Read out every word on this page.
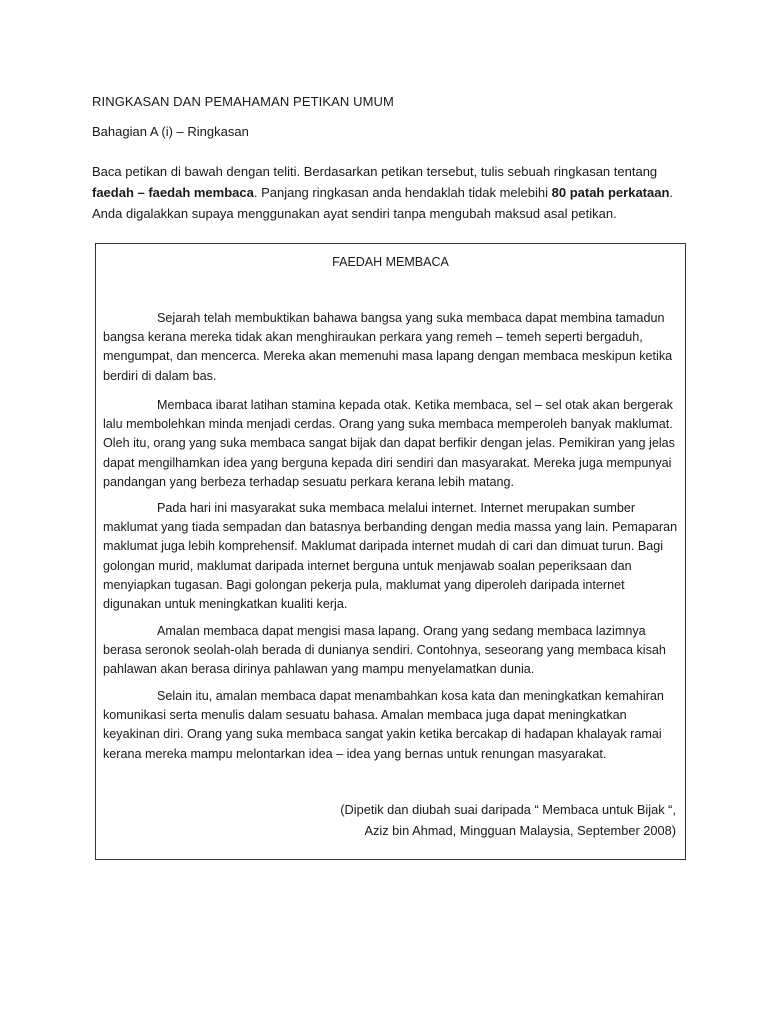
RINGKASAN DAN PEMAHAMAN PETIKAN UMUM

Bahagian A (i) – Ringkasan

Baca petikan di bawah dengan teliti. Berdasarkan petikan tersebut, tulis sebuah ringkasan tentang
faedah – faedah membaca. Panjang ringkasan anda hendaklah tidak melebihi 80 patah perkataan.
Anda digalakkan supaya menggunakan ayat sendiri tanpa mengubah maksud asal petikan.

FAEDAH MEMBACA

Sejarah telah membuktikan bahawa bangsa yang suka membaca dapat membina tamadun bangsa kerana mereka tidak akan menghiraukan perkara yang remeh – temeh seperti bergaduh, mengumpat, dan mencerca. Mereka akan memenuhi masa lapang dengan membaca meskipun ketika berdiri di dalam bas.

Membaca ibarat latihan stamina kepada otak. Ketika membaca, sel – sel otak akan bergerak lalu membolehkan minda menjadi cerdas. Orang yang suka membaca memperoleh banyak maklumat. Oleh itu, orang yang suka membaca sangat bijak dan dapat berfikir dengan jelas. Pemikiran yang jelas dapat mengilhamkan idea yang berguna kepada diri sendiri dan masyarakat. Mereka juga mempunyai pandangan yang berbeza terhadap sesuatu perkara kerana lebih matang.

Pada hari ini masyarakat suka membaca melalui internet. Internet merupakan sumber maklumat yang tiada sempadan dan batasnya berbanding dengan media massa yang lain. Pemaparan maklumat juga lebih komprehensif. Maklumat daripada internet mudah di cari dan dimuat turun. Bagi golongan murid, maklumat daripada internet berguna untuk menjawab soalan peperiksaan dan menyiapkan tugasan. Bagi golongan pekerja pula, maklumat yang diperoleh daripada internet digunakan untuk meningkatkan kualiti kerja.

Amalan membaca dapat mengisi masa lapang. Orang yang sedang membaca lazimnya berasa seronok seolah-olah berada di dunianya sendiri. Contohnya, seseorang yang membaca kisah pahlawan akan berasa dirinya pahlawan yang mampu menyelamatkan dunia.

Selain itu, amalan membaca dapat menambahkan kosa kata dan meningkatkan kemahiran komunikasi serta menulis dalam sesuatu bahasa. Amalan membaca juga dapat meningkatkan keyakinan diri. Orang yang suka membaca sangat yakin ketika bercakap di hadapan khalayak ramai kerana mereka mampu melontarkan idea – idea yang bernas untuk renungan masyarakat.

(Dipetik dan diubah suai daripada “ Membaca untuk Bijak “,
Aziz bin Ahmad, Mingguan Malaysia, September 2008)
